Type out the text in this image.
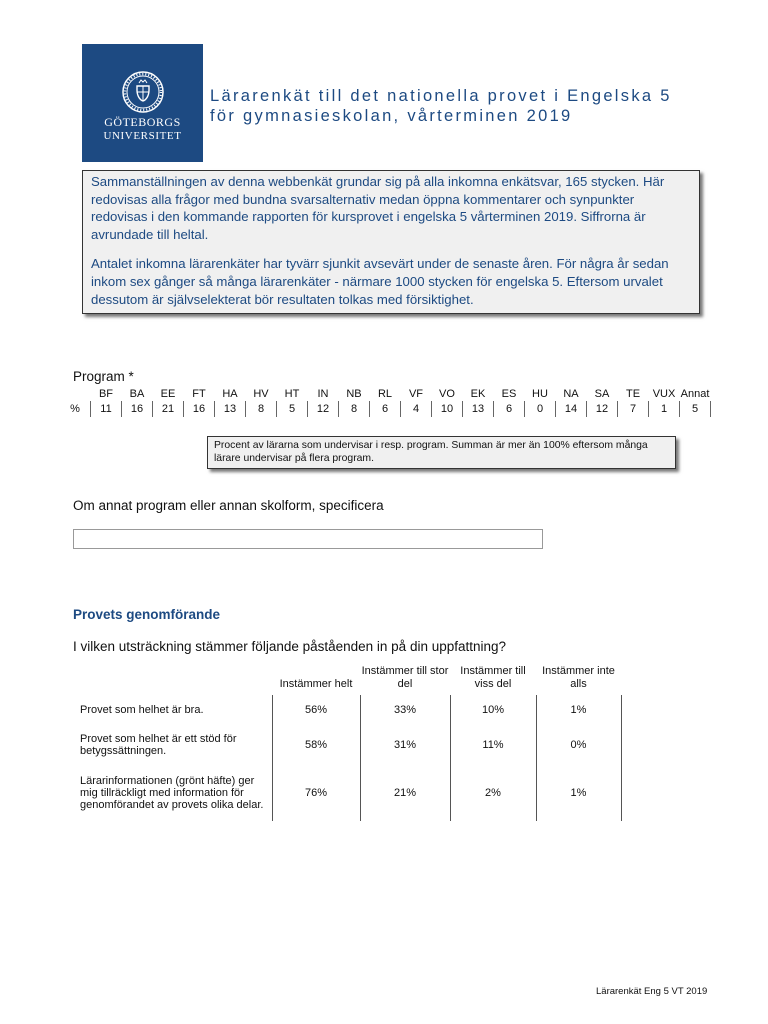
GÖTEBORGS
UNIVERSITET
Lärarenkät till det nationella provet i Engelska 5
för gymnasieskolan, vårterminen 2019

Sammanställningen av denna webbenkät grundar sig på alla inkomna enkätsvar, 165 stycken. Här redovisas alla frågor med bundna svarsalternativ medan öppna kommentarer och synpunkter redovisas i den kommande rapporten för kursprovet i engelska 5 vårterminen 2019. Siffrorna är avrundade till heltal.

Antalet inkomna lärarenkäter har tyvärr sjunkit avsevärt under de senaste åren. För några år sedan inkom sex gånger så många lärarenkäter - närmare 1000 stycken för engelska 5. Eftersom urvalet dessutom är självselekterat bör resultaten tolkas med försiktighet.

Program *
	BF	BA	EE	FT	HA	HV	HT	IN	NB	RL	VF	VO	EK	ES	HU	NA	SA	TE	VUX	Annat
%	11	16	21	16	13	8	5	12	8	6	4	10	13	6	0	14	12	7	1	5
Procent av lärarna som undervisar i resp. program. Summan är mer än 100% eftersom många lärare undervisar på flera program.
Om annat program eller annan skolform, specificera
Provets genomförande
I vilken utsträckning stämmer följande påståenden in på din uppfattning?
	Instämmer helt	Instämmer till stor del	Instämmer till viss del	Instämmer inte alls
Provet som helhet är bra.	56%	33%	10%	1%
Provet som helhet är ett stöd för betygssättningen.	58%	31%	11%	0%
Lärarinformationen (grönt häfte) ger mig tillräckligt med information för genomförandet av provets olika delar.	76%	21%	2%	1%
Lärarenkät Eng 5 VT 2019
